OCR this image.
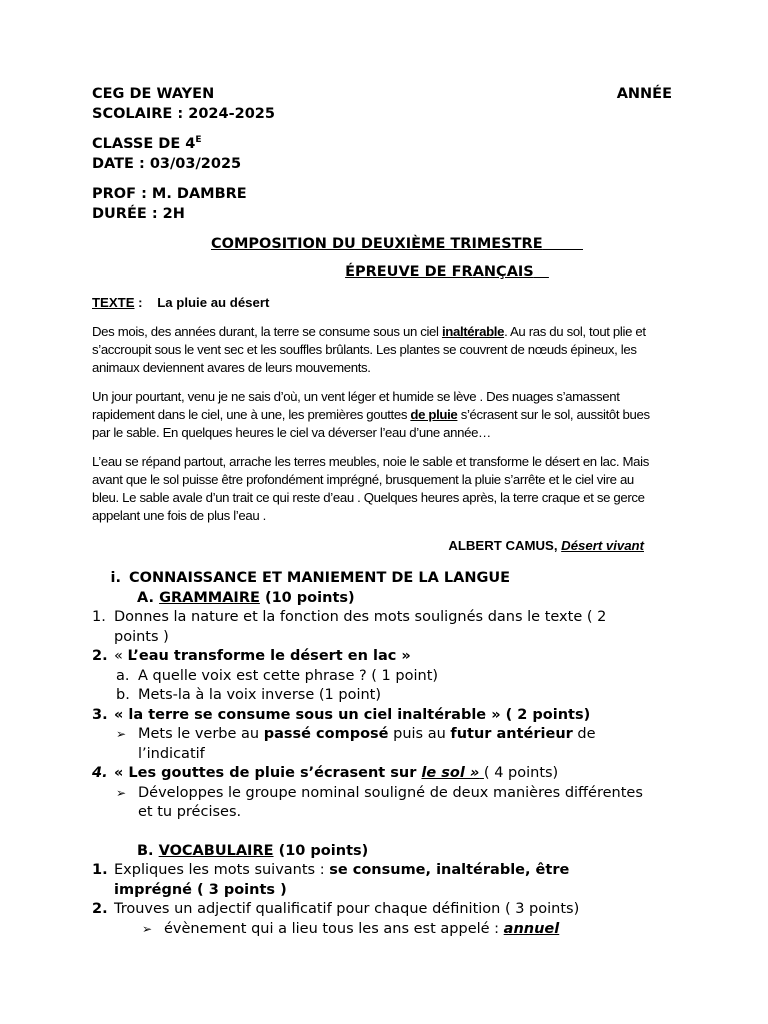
CEG DE WAYEN	ANNÉE
SCOLAIRE : 2024-2025
CLASSE DE $4^E$
DATE : 03/03/2025
PROF : M. DAMBRE
DURÉE : 2H
COMPOSITION DU DEUXIÈME TRIMESTRE
ÉPREUVE DE FRANÇAIS
TEXTE : La pluie au désert
Des mois, des années durant, la terre se consume sous un ciel inaltérable. Au ras du sol, tout plie et s’accroupit sous le vent sec et les souffles brûlants. Les plantes se couvrent de nœuds épineux, les animaux deviennent avares de leurs mouvements.
Un jour pourtant, venu je ne sais d’où, un vent léger et humide se lève . Des nuages s’amassent rapidement dans le ciel, une à une, les premières gouttes de pluie s’écrasent sur le sol, aussitôt bues par le sable. En quelques heures le ciel va déverser l’eau d’une année…
L’eau se répand partout, arrache les terres meubles, noie le sable et transforme le désert en lac. Mais avant que le sol puisse être profondément imprégné, brusquement la pluie s’arrête et le ciel vire au bleu. Le sable avale d’un trait ce qui reste d’eau . Quelques heures après, la terre craque et se gerce appelant une fois de plus l’eau .
ALBERT CAMUS, Désert vivant
i. CONNAISSANCE ET MANIEMENT DE LA LANGUE
A. GRAMMAIRE (10 points)
1. Donnes la nature et la fonction des mots soulignés dans le texte ( 2 points )
2. « L’eau transforme le désert en lac »
a. A quelle voix est cette phrase ? ( 1 point)
b. Mets-la à la voix inverse (1 point)
3. « la terre se consume sous un ciel inaltérable » ( 2 points)
➢ Mets le verbe au passé composé puis au futur antérieur de l’indicatif
4. « Les gouttes de pluie s’écrasent sur le sol » ( 4 points)
➢ Développes le groupe nominal souligné de deux manières différentes et tu précises.
B. VOCABULAIRE (10 points)
1. Expliques les mots suivants : se consume, inaltérable, être imprégné ( 3 points )
2. Trouves un adjectif qualificatif pour chaque définition ( 3 points)
➢ évènement qui a lieu tous les ans est appelé : annuel
